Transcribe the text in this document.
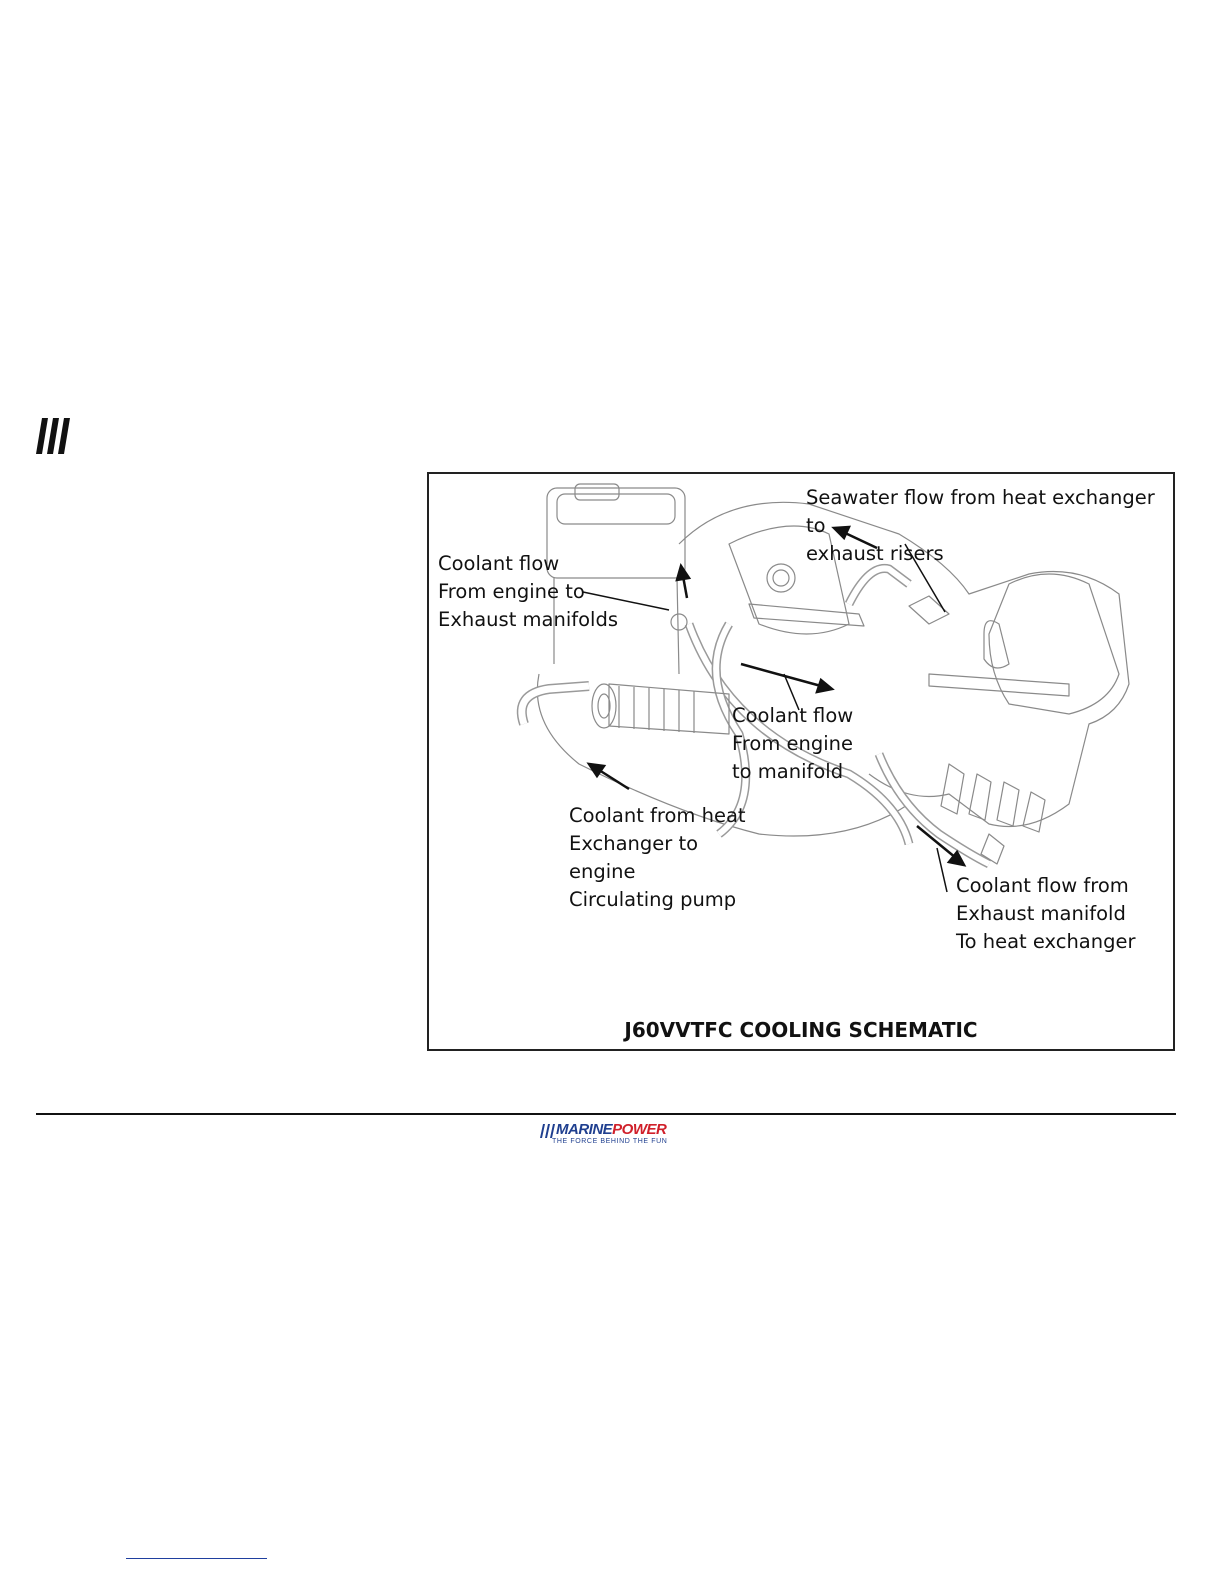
Seawater flow from heat exchanger to
exhaust risers
Coolant flow
From engine to
Exhaust manifolds
Coolant flow
From engine
to manifold
Coolant from heat
Exchanger to
engine
Circulating pump
Coolant flow from
Exhaust manifold
To heat exchanger
J60VVTFC COOLING SCHEMATIC
MARINEPOWER
THE FORCE BEHIND THE FUN
